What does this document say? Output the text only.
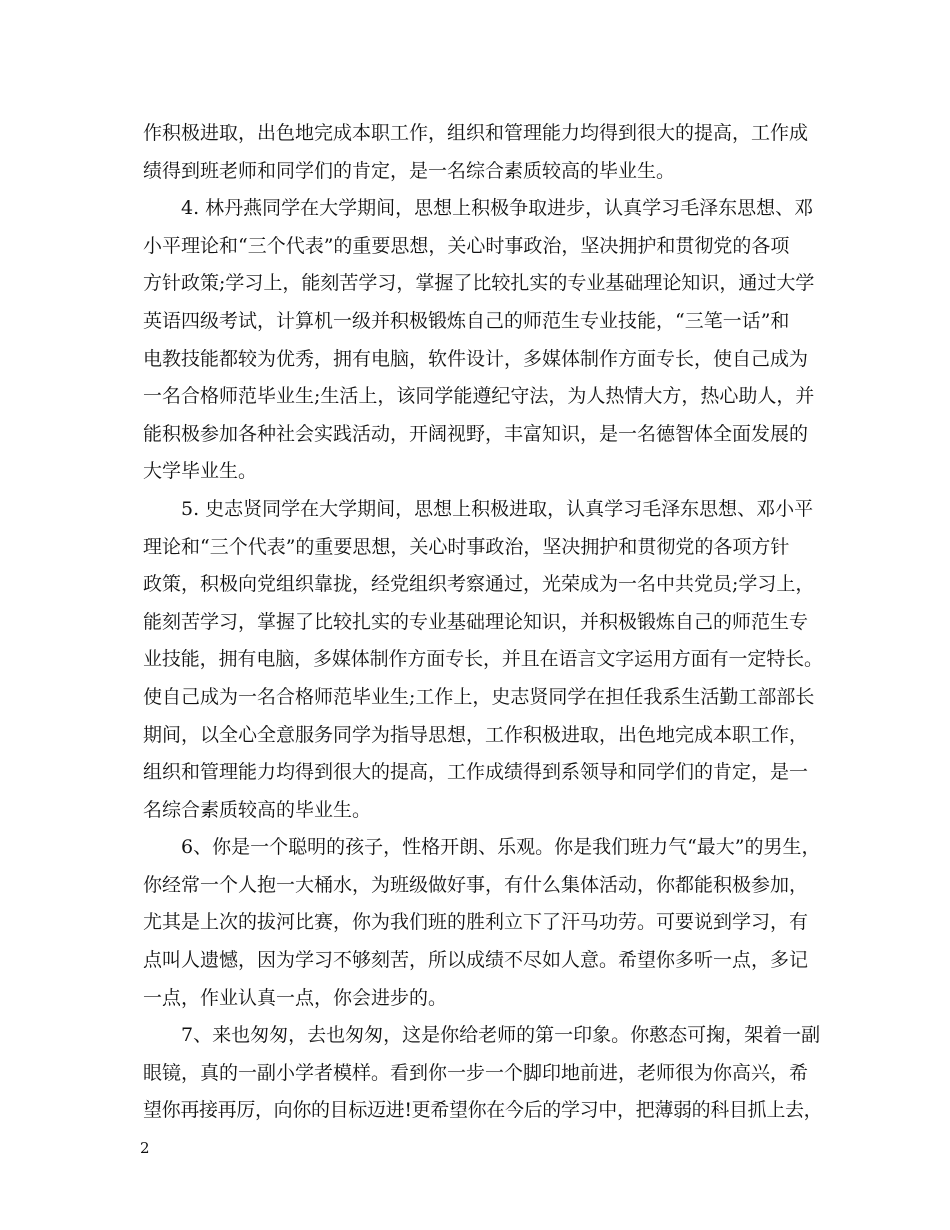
作积极进取，出色地完成本职工作，组织和管理能力均得到很大的提高，工作成
绩得到班老师和同学们的肯定，是一名综合素质较高的毕业生。
4. 林丹燕同学在大学期间，思想上积极争取进步，认真学习毛泽东思想、邓
小平理论和“三个代表”的重要思想，关心时事政治，坚决拥护和贯彻党的各项
方针政策;学习上，能刻苦学习，掌握了比较扎实的专业基础理论知识，通过大学
英语四级考试，计算机一级并积极锻炼自己的师范生专业技能，“三笔一话”和
电教技能都较为优秀，拥有电脑，软件设计，多媒体制作方面专长，使自己成为
一名合格师范毕业生;生活上，该同学能遵纪守法，为人热情大方，热心助人，并
能积极参加各种社会实践活动，开阔视野，丰富知识，是一名德智体全面发展的
大学毕业生。
5. 史志贤同学在大学期间，思想上积极进取，认真学习毛泽东思想、邓小平
理论和“三个代表”的重要思想，关心时事政治，坚决拥护和贯彻党的各项方针
政策，积极向党组织靠拢，经党组织考察通过，光荣成为一名中共党员;学习上，
能刻苦学习，掌握了比较扎实的专业基础理论知识，并积极锻炼自己的师范生专
业技能，拥有电脑，多媒体制作方面专长，并且在语言文字运用方面有一定特长。
使自己成为一名合格师范毕业生;工作上，史志贤同学在担任我系生活勤工部部长
期间，以全心全意服务同学为指导思想，工作积极进取，出色地完成本职工作，
组织和管理能力均得到很大的提高，工作成绩得到系领导和同学们的肯定，是一
名综合素质较高的毕业生。
6、你是一个聪明的孩子，性格开朗、乐观。你是我们班力气“最大”的男生，
你经常一个人抱一大桶水，为班级做好事，有什么集体活动，你都能积极参加，
尤其是上次的拔河比赛，你为我们班的胜利立下了汗马功劳。可要说到学习，有
点叫人遗憾，因为学习不够刻苦，所以成绩不尽如人意。希望你多听一点，多记
一点，作业认真一点，你会进步的。
7、来也匆匆，去也匆匆，这是你给老师的第一印象。你憨态可掬，架着一副
眼镜，真的一副小学者模样。看到你一步一个脚印地前进，老师很为你高兴，希
望你再接再厉，向你的目标迈进!更希望你在今后的学习中，把薄弱的科目抓上去，
2
